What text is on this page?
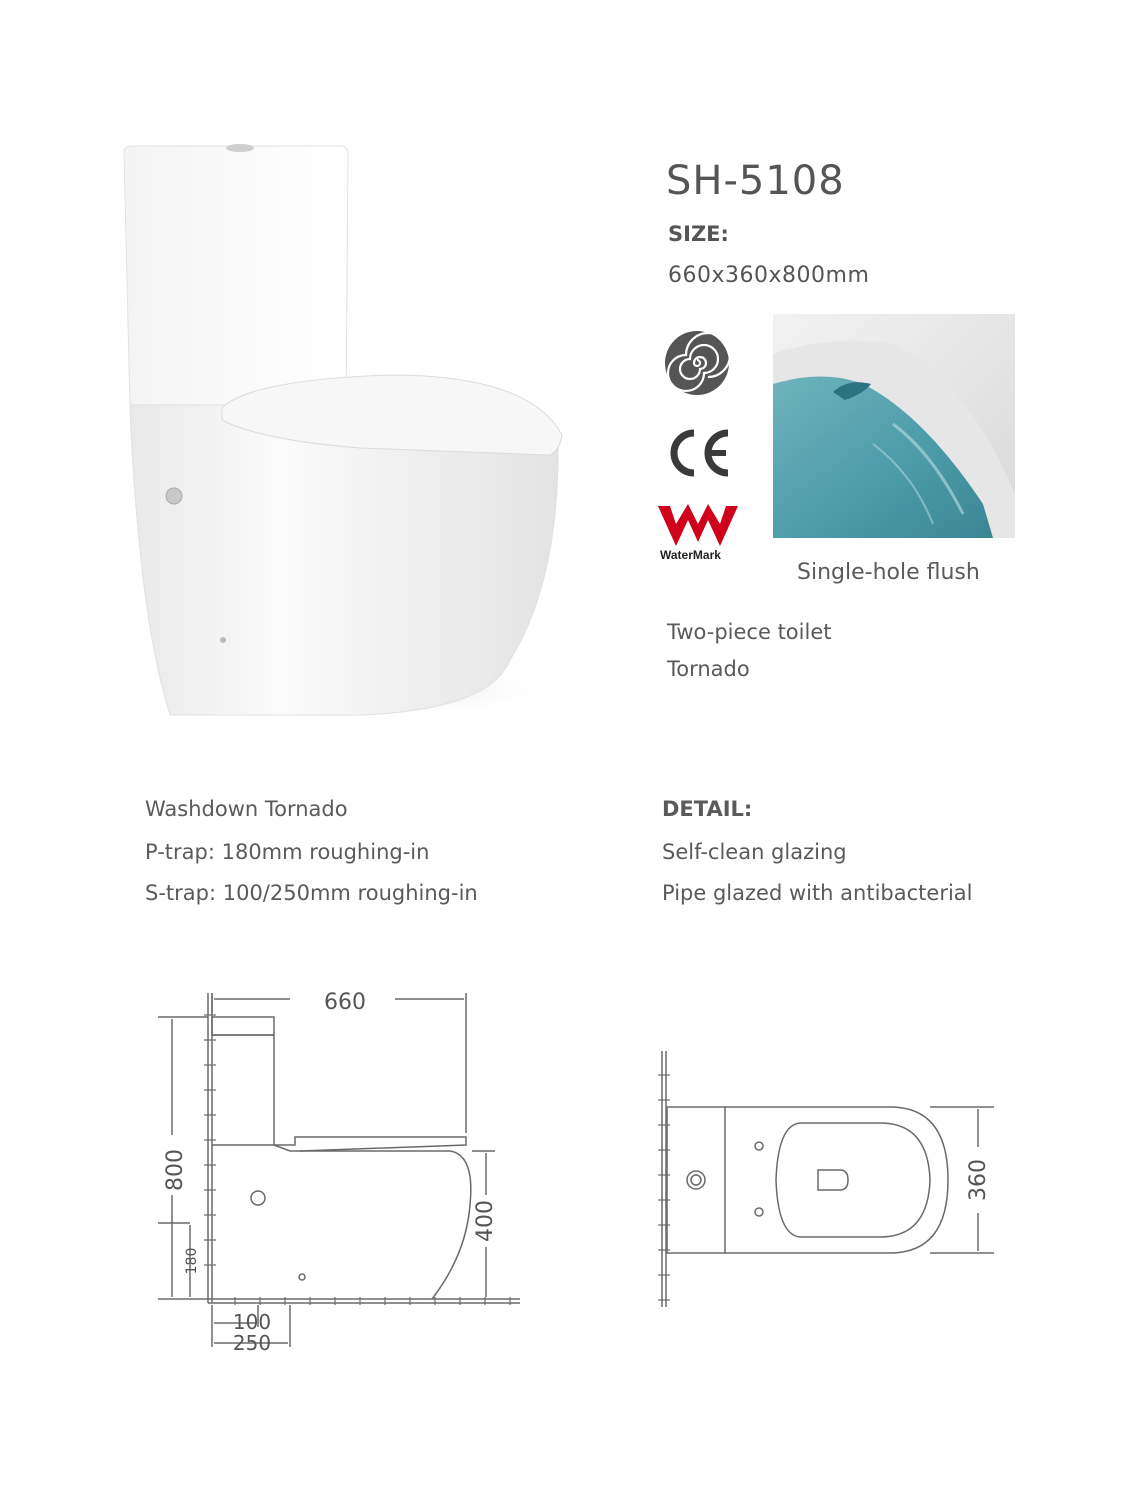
SH-5108
SIZE:
660x360x800mm
WaterMark
Single-hole flush
Two-piece toilet
Tornado
Washdown Tornado
P-trap: 180mm roughing-in
S-trap: 100/250mm roughing-in
DETAIL:
Self-clean glazing
Pipe glazed with antibacterial
660
800
180
400
100
250
360
